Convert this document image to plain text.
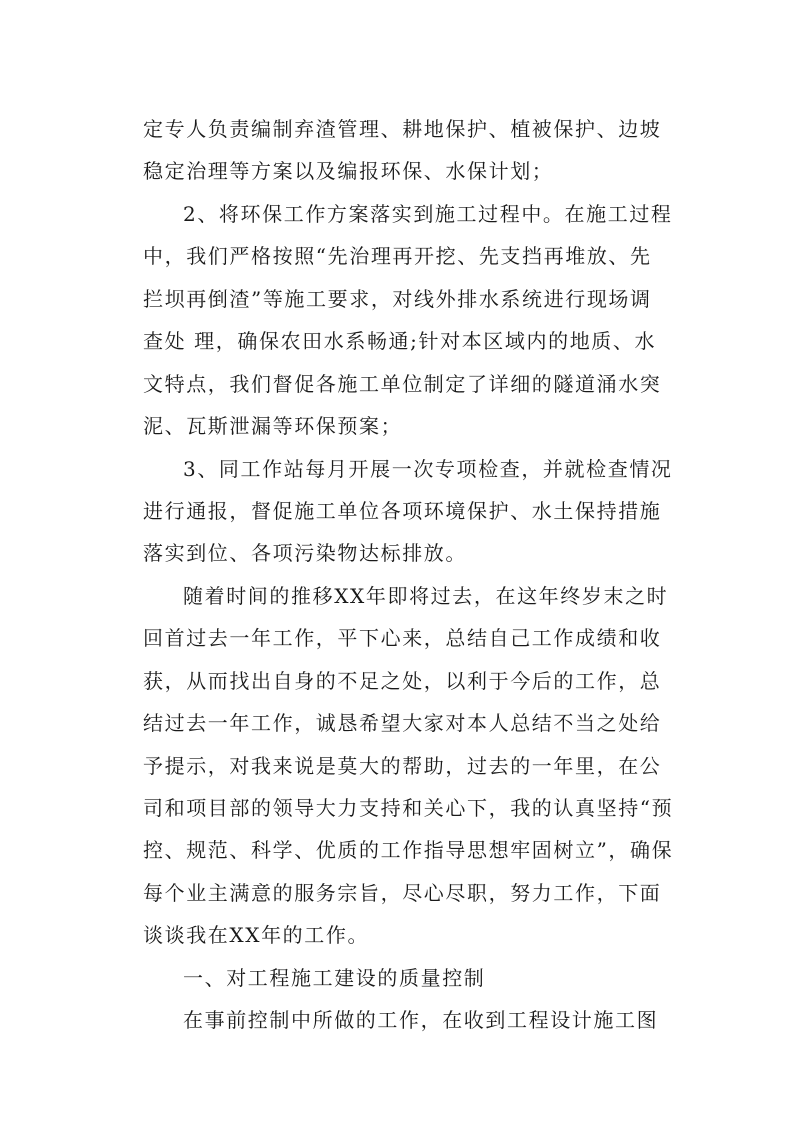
定专人负责编制弃渣管理、耕地保护、植被保护、边坡
稳定治理等方案以及编报环保、水保计划；
2、将环保工作方案落实到施工过程中。在施工过程
中，我们严格按照“先治理再开挖、先支挡再堆放、先
拦坝再倒渣”等施工要求，对线外排水系统进行现场调
查处 理，确保农田水系畅通;针对本区域内的地质、水
文特点，我们督促各施工单位制定了详细的隧道涌水突
泥、瓦斯泄漏等环保预案；
3、同工作站每月开展一次专项检查，并就检查情况
进行通报，督促施工单位各项环境保护、水土保持措施
落实到位、各项污染物达标排放。
随着时间的推移XX年即将过去，在这年终岁末之时
回首过去一年工作，平下心来，总结自己工作成绩和收
获，从而找出自身的不足之处，以利于今后的工作，总
结过去一年工作，诚恳希望大家对本人总结不当之处给
予提示，对我来说是莫大的帮助，过去的一年里，在公
司和项目部的领导大力支持和关心下，我的认真坚持“预
控、规范、科学、优质的工作指导思想牢固树立”，确保
每个业主满意的服务宗旨，尽心尽职，努力工作，下面
谈谈我在XX年的工作。
一、对工程施工建设的质量控制
在事前控制中所做的工作，在收到工程设计施工图
